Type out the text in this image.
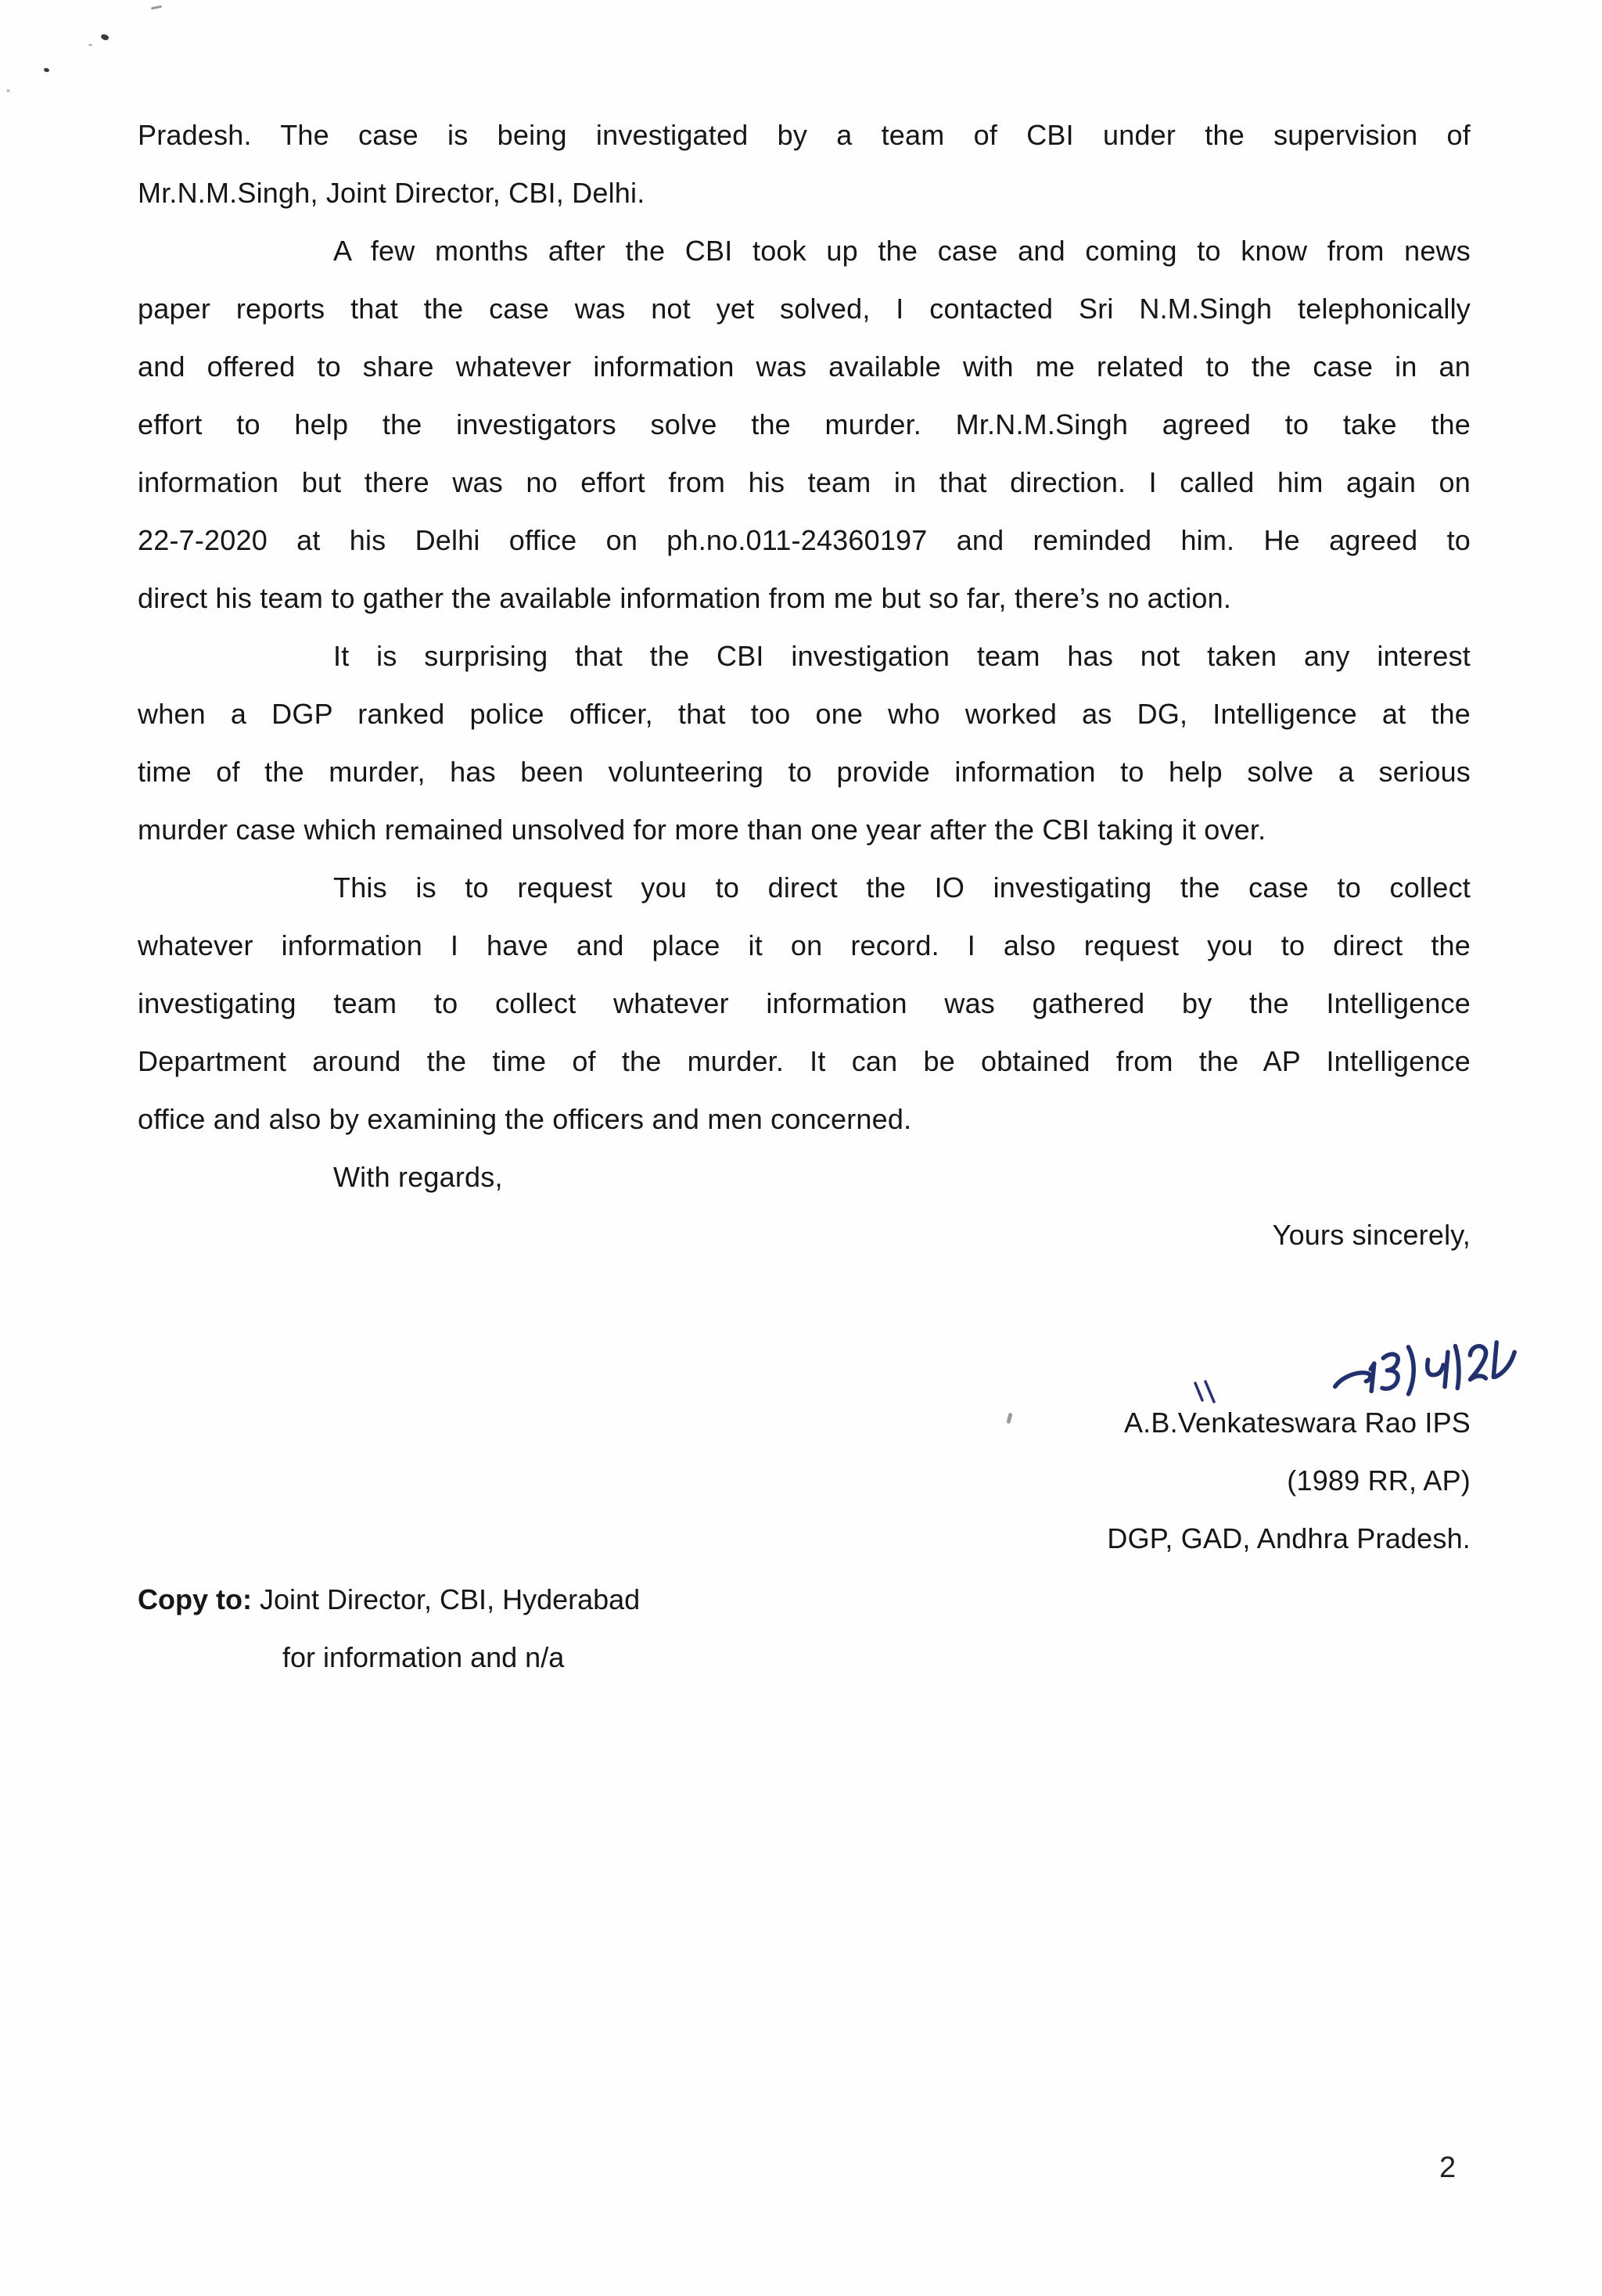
Pradesh. The case is being investigated by a team of CBI under the supervision of
Mr.N.M.Singh, Joint Director, CBI, Delhi.
A few months after the CBI took up the case and coming to know from news
paper reports that the case was not yet solved, I contacted Sri N.M.Singh telephonically
and offered to share whatever information was available with me related to the case in an
effort to help the investigators solve the murder. Mr.N.M.Singh agreed to take the
information but there was no effort from his team in that direction. I called him again on
22-7-2020 at his Delhi office on ph.no.011-24360197 and reminded him. He agreed to
direct his team to gather the available information from me but so far, there’s no action.
It is surprising that the CBI investigation team has not taken any interest
when a DGP ranked police officer, that too one who worked as DG, Intelligence at the
time of the murder, has been volunteering to provide information to help solve a serious
murder case which remained unsolved for more than one year after the CBI taking it over.
This is to request you to direct the IO investigating the case to collect
whatever information I have and place it on record. I also request you to direct the
investigating team to collect whatever information was gathered by the Intelligence
Department around the time of the murder. It can be obtained from the AP Intelligence
office and also by examining the officers and men concerned.
With regards,
Yours sincerely,
A.B.Venkateswara Rao IPS
(1989 RR, AP)
DGP, GAD, Andhra Pradesh.
Copy to: Joint Director, CBI, Hyderabad
for information and n/a
2
